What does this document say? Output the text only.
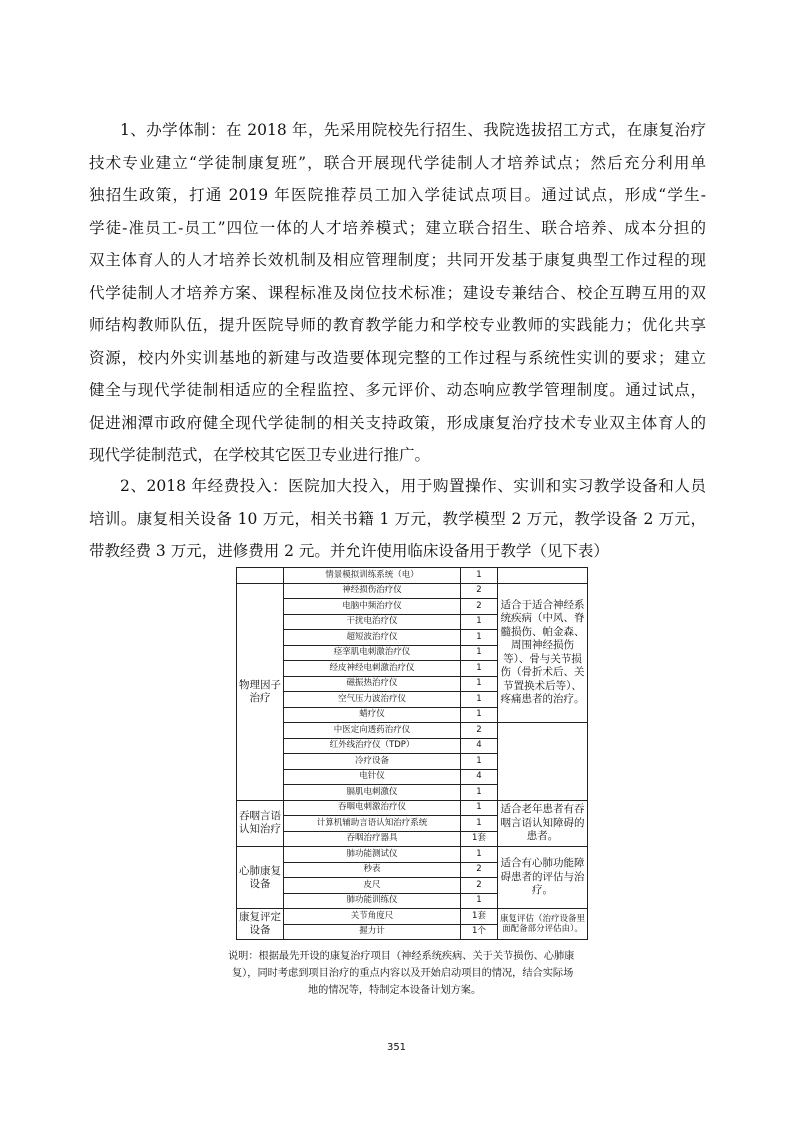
1、办学体制：在 2018 年，先采用院校先行招生、我院选拔招工方式，在康复治疗
技术专业建立“学徒制康复班”，联合开展现代学徒制人才培养试点；然后充分利用单
独招生政策，打通 2019 年医院推荐员工加入学徒试点项目。通过试点，形成“学生-
学徒-准员工-员工”四位一体的人才培养模式；建立联合招生、联合培养、成本分担的
双主体育人的人才培养长效机制及相应管理制度；共同开发基于康复典型工作过程的现
代学徒制人才培养方案、课程标准及岗位技术标准；建设专兼结合、校企互聘互用的双
师结构教师队伍，提升医院导师的教育教学能力和学校专业教师的实践能力；优化共享
资源，校内外实训基地的新建与改造要体现完整的工作过程与系统性实训的要求；建立
健全与现代学徒制相适应的全程监控、多元评价、动态响应教学管理制度。通过试点，
促进湘潭市政府健全现代学徒制的相关支持政策，形成康复治疗技术专业双主体育人的
现代学徒制范式，在学校其它医卫专业进行推广。
2、2018 年经费投入：医院加大投入，用于购置操作、实训和实习教学设备和人员
培训。康复相关设备 10 万元，相关书籍 1 万元，教学模型 2 万元，教学设备 2 万元，
带教经费 3 万元，进修费用 2 元。并允许使用临床设备用于教学（见下表）
	情景模拟训练系统（电）	1	
物理因子治疗	神经损伤治疗仪	2	适合于适合神经系统疾病（中风、脊髓损伤、帕金森、周围神经损伤等）、骨与关节损伤（骨折术后、关节置换术后等）、疼痛患者的治疗。
	电脑中频治疗仪	2	
	干扰电治疗仪	1	
	超短波治疗仪	1	
	痉挛肌电刺激治疗仪	1	
	经皮神经电刺激治疗仪	1	
	磁振热治疗仪	1	
	空气压力波治疗仪	1	
	蜡疗仪	1	
	中医定向透药治疗仪	2	
	红外线治疗仪（TDP）	4	
	冷疗设备	1	
	电针仪	4	
	膈肌电刺激仪	1	
吞咽言语认知治疗	吞咽电刺激治疗仪	1	适合老年患者有吞咽言语认知障碍的患者。
	计算机辅助言语认知治疗系统	1	
	吞咽治疗器具	1套	
心肺康复设备	肺功能测试仪	1	适合有心肺功能障碍患者的评估与治疗。
	秒表	2	
	皮尺	2	
	肺功能训练仪	1	
康复评定设备	关节角度尺	1套	康复评估（治疗设备里面配备部分评估由）。
	握力计	1个	
说明：根据最先开设的康复治疗项目（神经系统疾病、关于关节损伤、心肺康
复），同时考虑到项目治疗的重点内容以及开始启动项目的情况，结合实际场
地的情况等，特制定本设备计划方案。
351
